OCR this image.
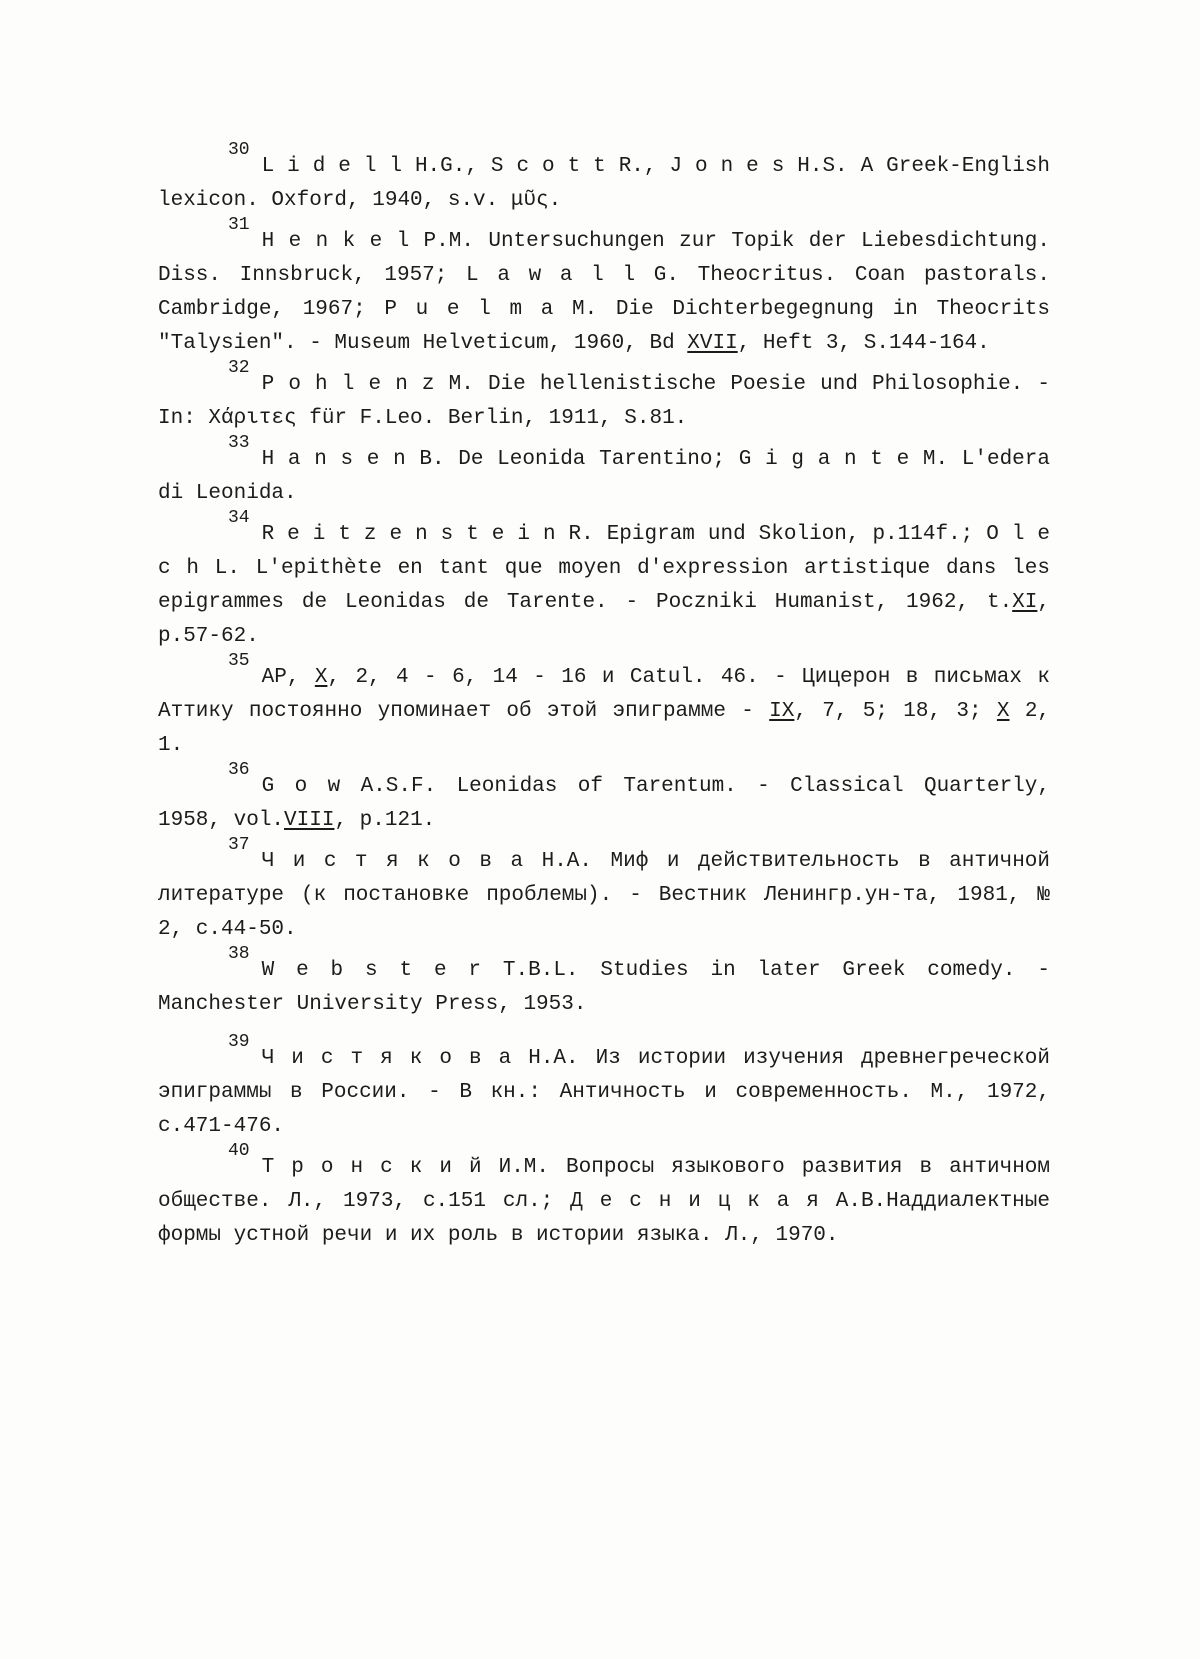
$^{30}$L i d e l l H.G., S c o t t R., J o n e s H.S. A Greek-English lexicon. Oxford, 1940, s.v. μῦς.

$^{31}$H e n k e l P.M. Untersuchungen zur Topik der Liebesdichtung. Diss. Innsbruck, 1957; L a w a l l G. Theocritus. Coan pastorals. Cambridge, 1967; P u e l m a M. Die Dichterbegegnung in Theocrits "Talysien". - Museum Helveticum, 1960, Bd XVII, Heft 3, S.144-164.

$^{32}$P o h l e n z M. Die hellenistische Poesie und Philosophie. - In: Χάριτες für F.Leo. Berlin, 1911, S.81.

$^{33}$H a n s e n B. De Leonida Tarentino; G i g a n t e M. L'edera di Leonida.

$^{34}$R e i t z e n s t e i n R. Epigram und Skolion, p.114f.; O l e c h L. L'epithète en tant que moyen d'expression artistique dans les epigrammes de Leonidas de Tarente. - Poczniki Humanist, 1962, t.XI, p.57-62.

$^{35}$AP, X, 2, 4 - 6, 14 - 16 и Catul. 46. - Цицерон в письмах к Аттику постоянно упоминает об этой эпиграмме - IX, 7, 5; 18, 3; X 2, 1.

$^{36}$G o w A.S.F. Leonidas of Tarentum. - Classical Quarterly, 1958, vol.VIII, p.121.

$^{37}$Ч и с т я к о в а Н.А. Миф и действительность в античной литературе (к постановке проблемы). - Вестник Ленингр.ун-та, 1981, № 2, с.44-50.

$^{38}$W e b s t e r T.B.L. Studies in later Greek comedy. - Manchester University Press, 1953.

$^{39}$Ч и с т я к о в а Н.А. Из истории изучения древнегреческой эпиграммы в России. - В кн.: Античность и современность. М., 1972, с.471-476.

$^{40}$Т р о н с к и й И.М. Вопросы языкового развития в античном обществе. Л., 1973, с.151 сл.; Д е с н и ц к а я А.В.Наддиалектные формы устной речи и их роль в истории языка. Л., 1970.
